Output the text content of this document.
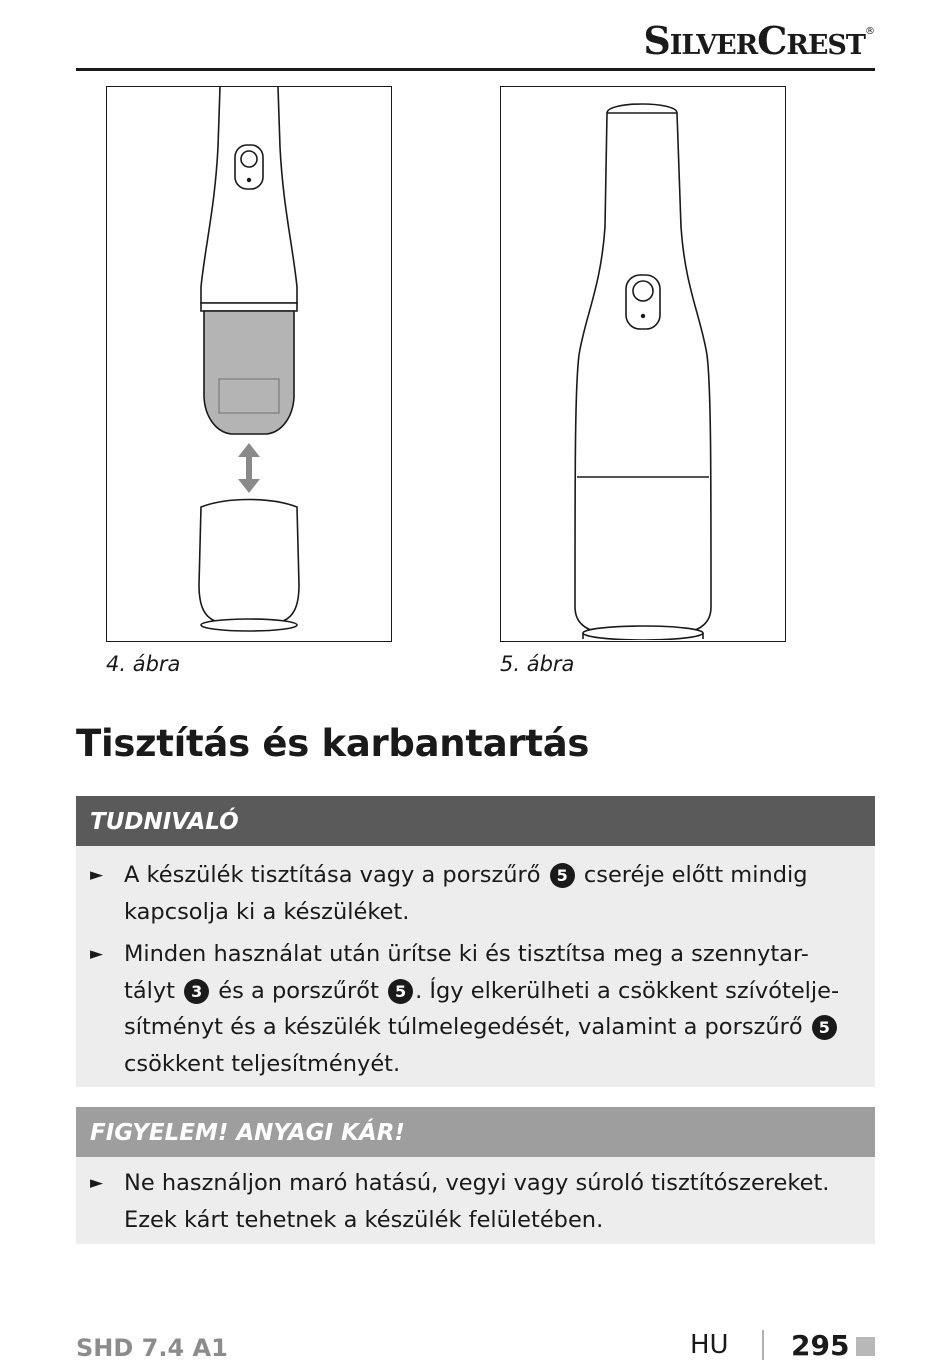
SilverCrest®
4. ábra	5. ábra
Tisztítás és karbantartás
TUDNIVALÓ
► A készülék tisztítása vagy a porszűrő 5 cseréje előtt mindig
kapcsolja ki a készüléket.
► Minden használat után ürítse ki és tisztítsa meg a szennytar-
tályt 3 és a porszűrőt 5 . Így elkerülheti a csökkent szívótelje-
sítményt és a készülék túlmelegedését, valamint a porszűrő 5
csökkent teljesítményét.
FIGYELEM! ANYAGI KÁR!
► Ne használjon maró hatású, vegyi vagy súroló tisztítószereket.
Ezek kárt tehetnek a készülék felületében.
SHD 7.4 A1	HU 295
